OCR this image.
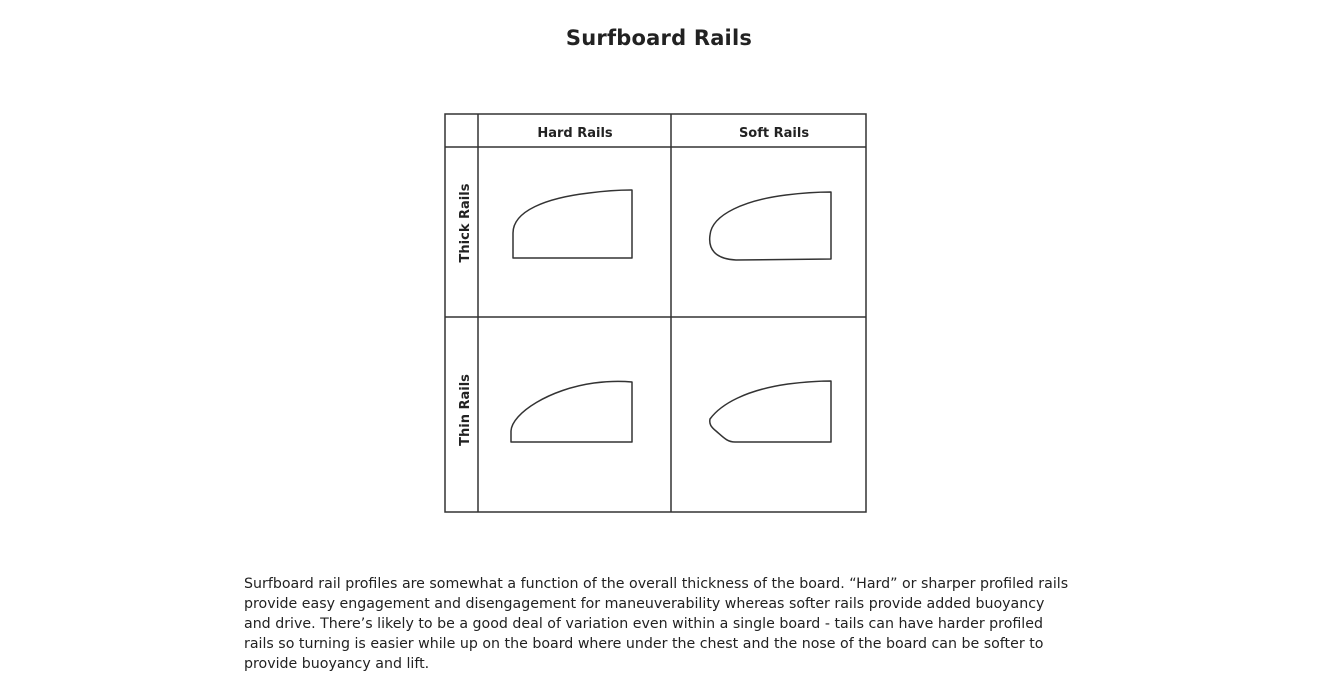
Surfboard Rails
Hard Rails	Soft Rails
Thick Rails
Thin Rails

Surfboard rail profiles are somewhat a function of the overall thickness of the board. “Hard” or sharper profiled rails provide easy engagement and disengagement for maneuverability whereas softer rails provide added buoyancy and drive. There’s likely to be a good deal of variation even within a single board - tails can have harder profiled rails so turning is easier while up on the board where under the chest and the nose of the board can be softer to provide buoyancy and lift.
